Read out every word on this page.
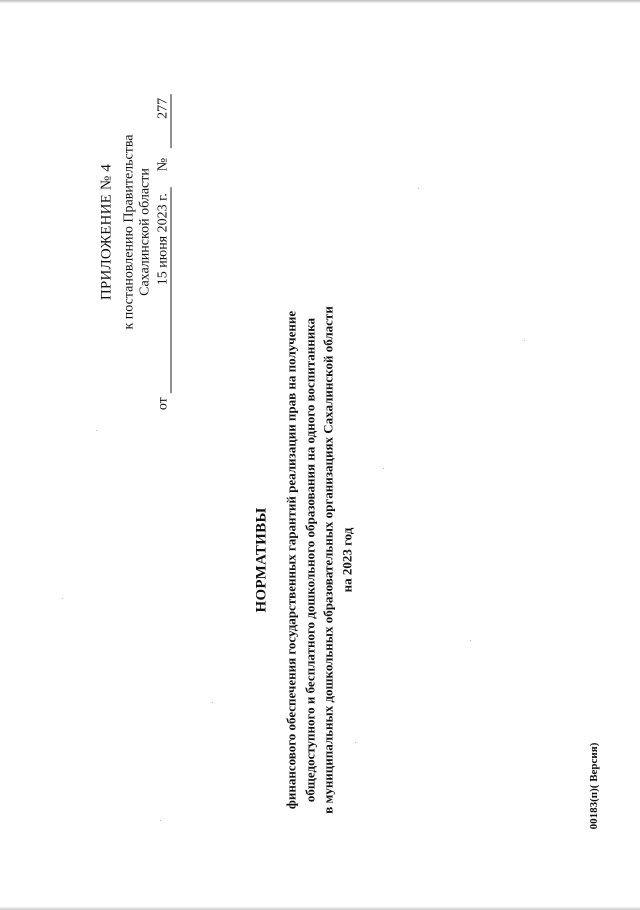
ПРИЛОЖЕНИЕ № 4 к постановлению Правительства Сахалинской области
от
15 июня 2023 г.
№
277
НОРМАТИВЫ финансового обеспечения государственных гарантий реализации прав на получение общедоступного и бесплатного дошкольного образования на одного воспитанника в муниципальных дошкольных образовательных организациях Сахалинской области на 2023 год
00183(п)( Версия)
